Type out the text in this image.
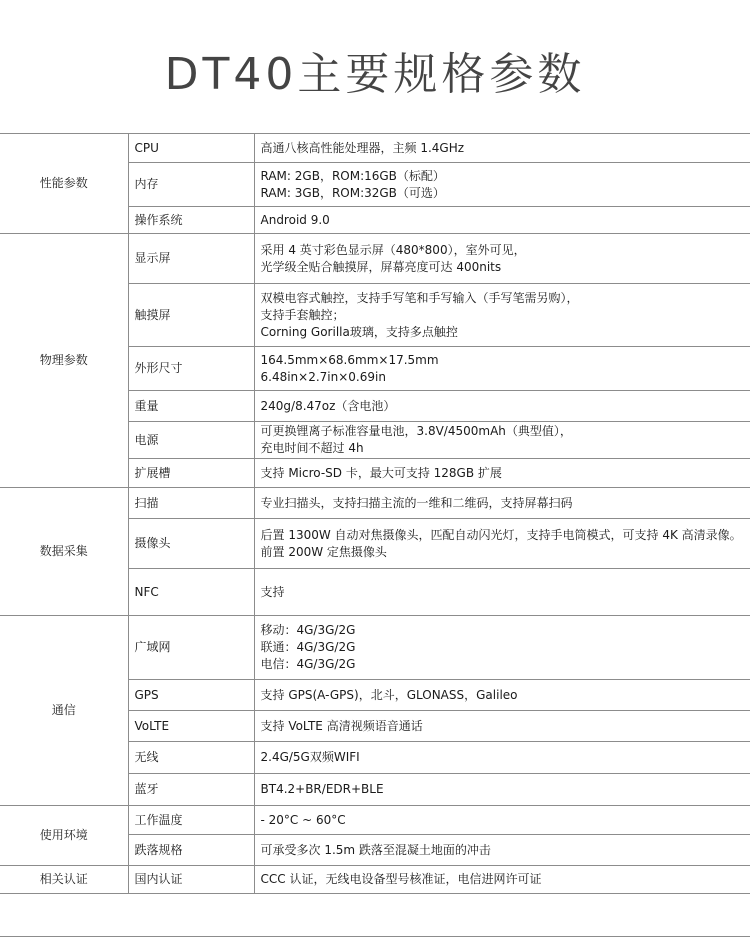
DT40主要规格参数
性能参数	CPU	高通八核高性能处理器，主频 1.4GHz

	内存	RAM: 2GB，ROM:16GB（标配）
RAM: 3GB，ROM:32GB（可选）

	操作系统	Android 9.0

物理参数	显示屏	采用 4 英寸彩色显示屏（480*800），室外可见，
光学级全贴合触摸屏，屏幕亮度可达 400nits

	触摸屏	双模电容式触控，支持手写笔和手写输入（手写笔需另购），
支持手套触控；
Corning Gorilla玻璃，支持多点触控

	外形尺寸	164.5mm×68.6mm×17.5mm
6.48in×2.7in×0.69in

	重量	240g/8.47oz（含电池）

	电源	可更换锂离子标准容量电池，3.8V/4500mAh（典型值），
充电时间不超过 4h

	扩展槽	支持 Micro-SD 卡，最大可支持 128GB 扩展

数据采集	扫描	专业扫描头，支持扫描主流的一维和二维码，支持屏幕扫码

	摄像头	后置 1300W 自动对焦摄像头，匹配自动闪光灯，支持手电筒模式，可支持 4K 高清录像。
前置 200W 定焦摄像头

	NFC	支持

通信	广域网	移动：4G/3G/2G
联通：4G/3G/2G
电信：4G/3G/2G

	GPS	支持 GPS(A-GPS)，北斗，GLONASS，Galileo

	VoLTE	支持 VoLTE 高清视频语音通话

	无线	2.4G/5G双频WIFI

	蓝牙	BT4.2+BR/EDR+BLE

使用环境	工作温度	- 20°C ~ 60°C

	跌落规格	可承受多次 1.5m 跌落至混凝土地面的冲击

相关认证	国内认证	CCC 认证，无线电设备型号核准证，电信进网许可证
